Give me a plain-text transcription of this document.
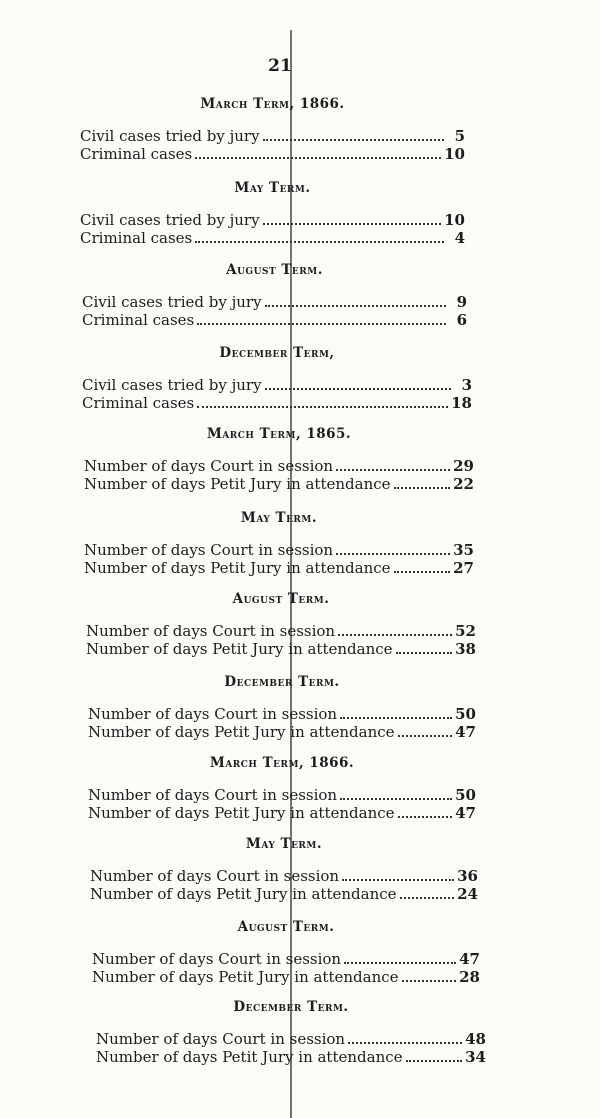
21
March Term, 1866.
Civil cases tried by jury	5
Criminal cases	10
May Term.
Civil cases tried by jury	10
Criminal cases	4
August Term.
Civil cases tried by jury	9
Criminal cases	6
December Term,
Civil cases tried by jury	3
Criminal cases	18
March Term, 1865.
Number of days Court in session	29
Number of days Petit Jury in attendance	22
May Term.
Number of days Court in session	35
Number of days Petit Jury in attendance	27
August Term.
Number of days Court in session	52
Number of days Petit Jury in attendance	38
December Term.
Number of days Court in session	50
Number of days Petit Jury in attendance	47
March Term, 1866.
Number of days Court in session	50
Number of days Petit Jury in attendance	47
May Term.
Number of days Court in session	36
Number of days Petit Jury in attendance	24
August Term.
Number of days Court in session	47
Number of days Petit Jury in attendance	28
December Term.
Number of days Court in session	48
Number of days Petit Jury in attendance	34
